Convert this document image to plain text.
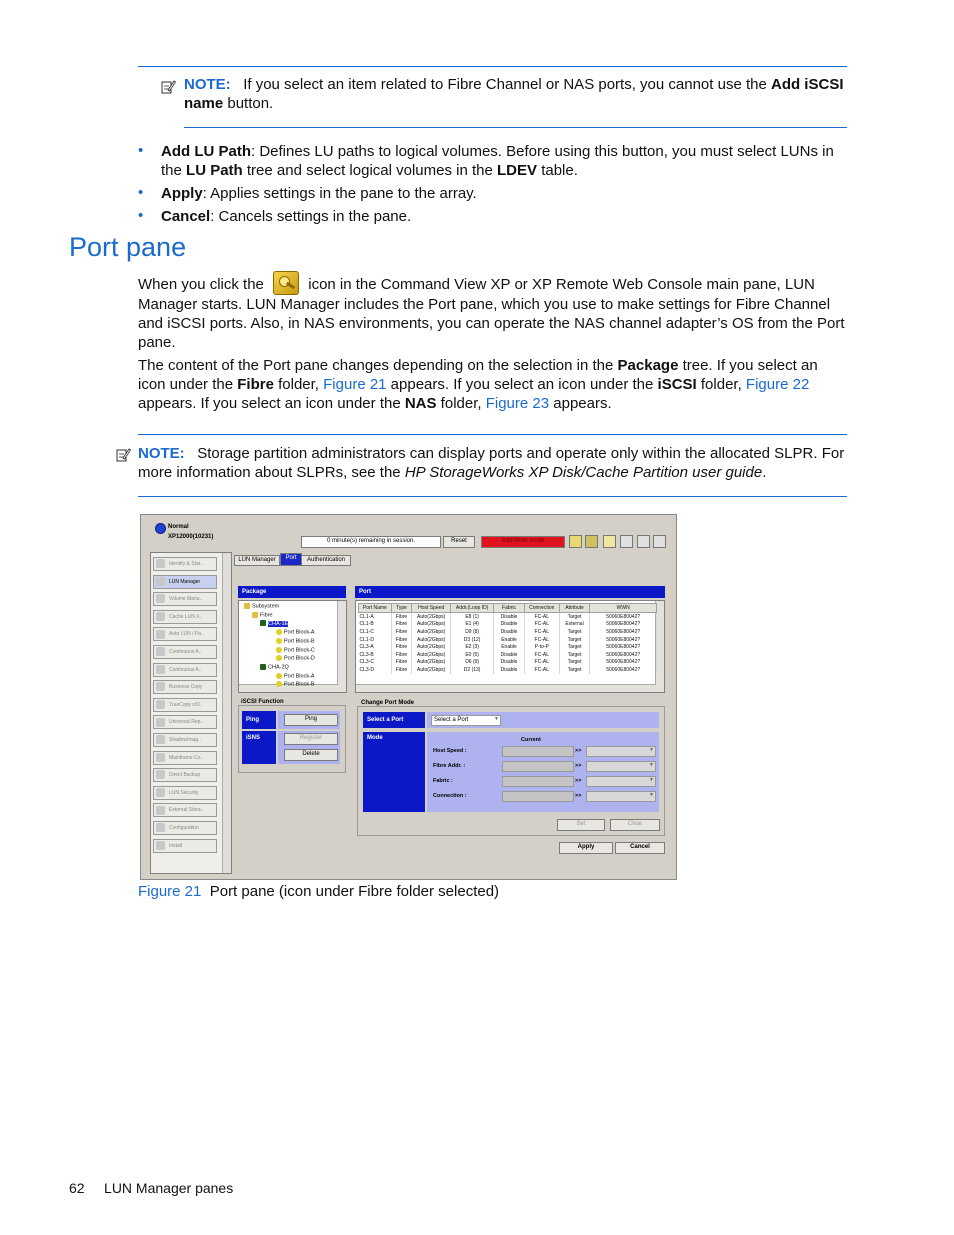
NOTE: If you select an item related to Fibre Channel or NAS ports, you cannot use the Add iSCSI name button.
• Add LU Path: Defines LU paths to logical volumes. Before using this button, you must select LUNs in the LU Path tree and select logical volumes in the LDEV table.
• Apply: Applies settings in the pane to the array.
• Cancel: Cancels settings in the pane.
Port pane
When you click the	icon in the Command View XP or XP Remote Web Console main pane, LUN Manager starts. LUN Manager includes the Port pane, which you use to make settings for Fibre Channel and iSCSI ports. Also, in NAS environments, you can operate the NAS channel adapter’s OS from the Port pane.
The content of the Port pane changes depending on the selection in the Package tree. If you select an icon under the Fibre folder, Figure 21 appears. If you select an icon under the iSCSI folder, Figure 22 appears. If you select an icon under the NAS folder, Figure 23 appears.
NOTE: Storage partition administrators can display ports and operate only within the allocated SLPR. For more information about SLPRs, see the HP StorageWorks XP Disk/Cache Partition user guide.
Normal
XP12000(10231)
0 minute(s) remaining in session.	Reset	Add/Write mode
Identify & Stat..
LUN Manager
Volume Mana..
Cache LUN X..
Auto LUN / Pa..
Continuous A..
Continuous A..
Business Copy
TrueCopy z/O..
Universal Rep..
ShadowImag..
Mainframe Co..
Direct Backup
LUN Security
External Stora..
Configuration
Install
LUN Manager	Port	Authentication
Package
Subsystem
Fibre
CHA-1E
Port Block-A
Port Block-B
Port Block-C
Port Block-D
CHA-2Q
Port Block-A
Port Block-B
Port
Port Name	Type	Host Speed	Addr.(Loop ID)	Fabric	Connection	Attribute	WWN
CL1-A	Fibre	Auto(2Gbps)	E8 (1)	Disable	FC-AL	Target	50060E80042?
CL1-B	Fibre	Auto(2Gbps)	E1 (4)	Disable	FC-AL	External	50060E80042?
CL1-C	Fibre	Auto(2Gbps)	D9 (8)	Disable	FC-AL	Target	50060E80042?
CL1-D	Fibre	Auto(2Gbps)	D3 (12)	Enable	FC-AL	Target	50060E80042?
CL3-A	Fibre	Auto(2Gbps)	E2 (3)	Enable	P-to-P	Target	50060E80042?
CL3-B	Fibre	Auto(2Gbps)	E0 (5)	Disable	FC-AL	Target	50060E80042?
CL3-C	Fibre	Auto(2Gbps)	D6 (9)	Disable	FC-AL	Target	50060E80042?
CL3-D	Fibre	Auto(2Gbps)	D2 (13)	Disable	FC-AL	Target	50060E80042?
iSCSI Function
Ping	Ping
iSNS	Register
Delete
Change Port Mode
Select a Port	Select a Port
▼
Mode	Current
Host Speed :	>>
▼
Fibre Addr. :	>>
▼
Fabric :	>>
▼
Connection :	>>
▼
Set	Clear
Apply	Cancel
Figure 21 Port pane (icon under Fibre folder selected)
62 LUN Manager panes
